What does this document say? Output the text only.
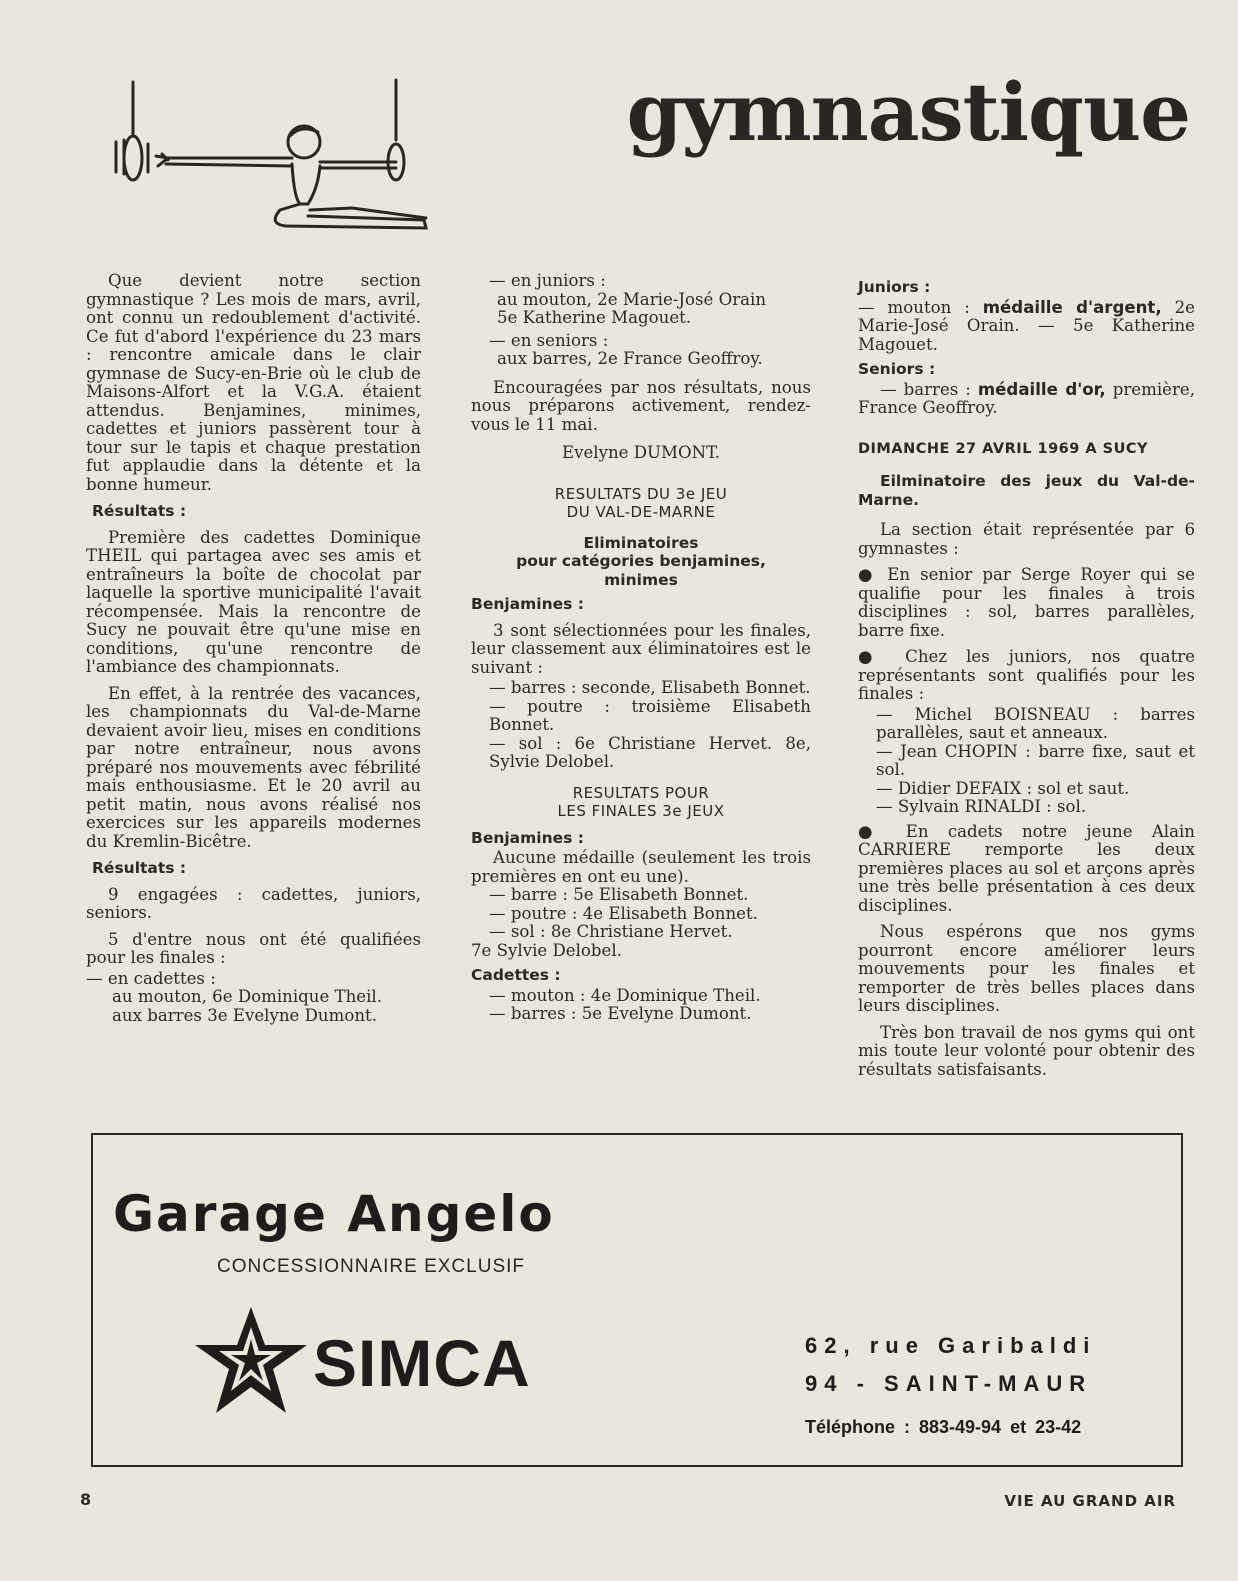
gymnastique

Que devient notre section gymnastique ? Les mois de mars, avril, ont connu un redoublement d'activité. Ce fut d'abord l'expérience du 23 mars : rencontre amicale dans le clair gymnase de Sucy-en-Brie où le club de Maisons-Alfort et la V.G.A. étaient attendus. Benjamines, minimes, cadettes et juniors passèrent tour à tour sur le tapis et chaque prestation fut applaudie dans la détente et la bonne humeur.

Résultats :

Première des cadettes Dominique THEIL qui partagea avec ses amis et entraîneurs la boîte de chocolat par laquelle la sportive municipalité l'avait récompensée. Mais la rencontre de Sucy ne pouvait être qu'une mise en conditions, qu'une rencontre de l'ambiance des championnats.

En effet, à la rentrée des vacances, les championnats du Val-de-Marne devaient avoir lieu, mises en conditions par notre entraîneur, nous avons préparé nos mouvements avec fébrilité mais enthousiasme. Et le 20 avril au petit matin, nous avons réalisé nos exercices sur les appareils modernes du Kremlin-Bicêtre.

Résultats :

9 engagées : cadettes, juniors, seniors.

5 d'entre nous ont été qualifiées pour les finales :

— en cadettes :
au mouton, 6e Dominique Theil.
aux barres 3e Evelyne Dumont.
— en juniors :
au mouton, 2e Marie-José Orain
5e Katherine Magouet.
— en seniors :
aux barres, 2e France Geoffroy.

Encouragées par nos résultats, nous nous préparons activement, rendez-vous le 11 mai.

Evelyne DUMONT.

RESULTATS DU 3e JEU
DU VAL-DE-MARNE
Eliminatoires
pour catégories benjamines,
minimes

Benjamines :

3 sont sélectionnées pour les finales, leur classement aux éliminatoires est le suivant :

— barres : seconde, Elisabeth Bonnet.
— poutre : troisième Elisabeth Bonnet.
— sol : 6e Christiane Hervet. 8e, Sylvie Delobel.
RESULTATS POUR
LES FINALES 3e JEUX

Benjamines :

Aucune médaille (seulement les trois premières en ont eu une).

— barre : 5e Elisabeth Bonnet.
— poutre : 4e Elisabeth Bonnet.
— sol : 8e Christiane Hervet.
7e Sylvie Delobel.

Cadettes :

— mouton : 4e Dominique Theil.
— barres : 5e Evelyne Dumont.

Juniors :

— mouton : médaille d'argent, 2e Marie-José Orain. — 5e Katherine Magouet.

Seniors :

— barres : médaille d'or, première, France Geoffroy.

DIMANCHE 27 AVRIL 1969 A SUCY

Eilminatoire des jeux du Val-de-Marne.

La section était représentée par 6 gymnastes :

● En senior par Serge Royer qui se qualifie pour les finales à trois disciplines : sol, barres parallèles, barre fixe.

● Chez les juniors, nos quatre représentants sont qualifiés pour les finales :

— Michel BOISNEAU : barres parallèles, saut et anneaux.
— Jean CHOPIN : barre fixe, saut et sol.
— Didier DEFAIX : sol et saut.
— Sylvain RINALDI : sol.

● En cadets notre jeune Alain CARRIERE remporte les deux premières places au sol et arçons après une très belle présentation à ces deux disciplines.

Nous espérons que nos gyms pourront encore améliorer leurs mouvements pour les finales et remporter de très belles places dans leurs disciplines.

Très bon travail de nos gyms qui ont mis toute leur volonté pour obtenir des résultats satisfaisants.

Garage Angelo
CONCESSIONNAIRE EXCLUSIF
SIMCA	62, rue Garibaldi
94 - SAINT-MAUR
Téléphone : 883-49-94 et 23-42
8	VIE AU GRAND AIR
